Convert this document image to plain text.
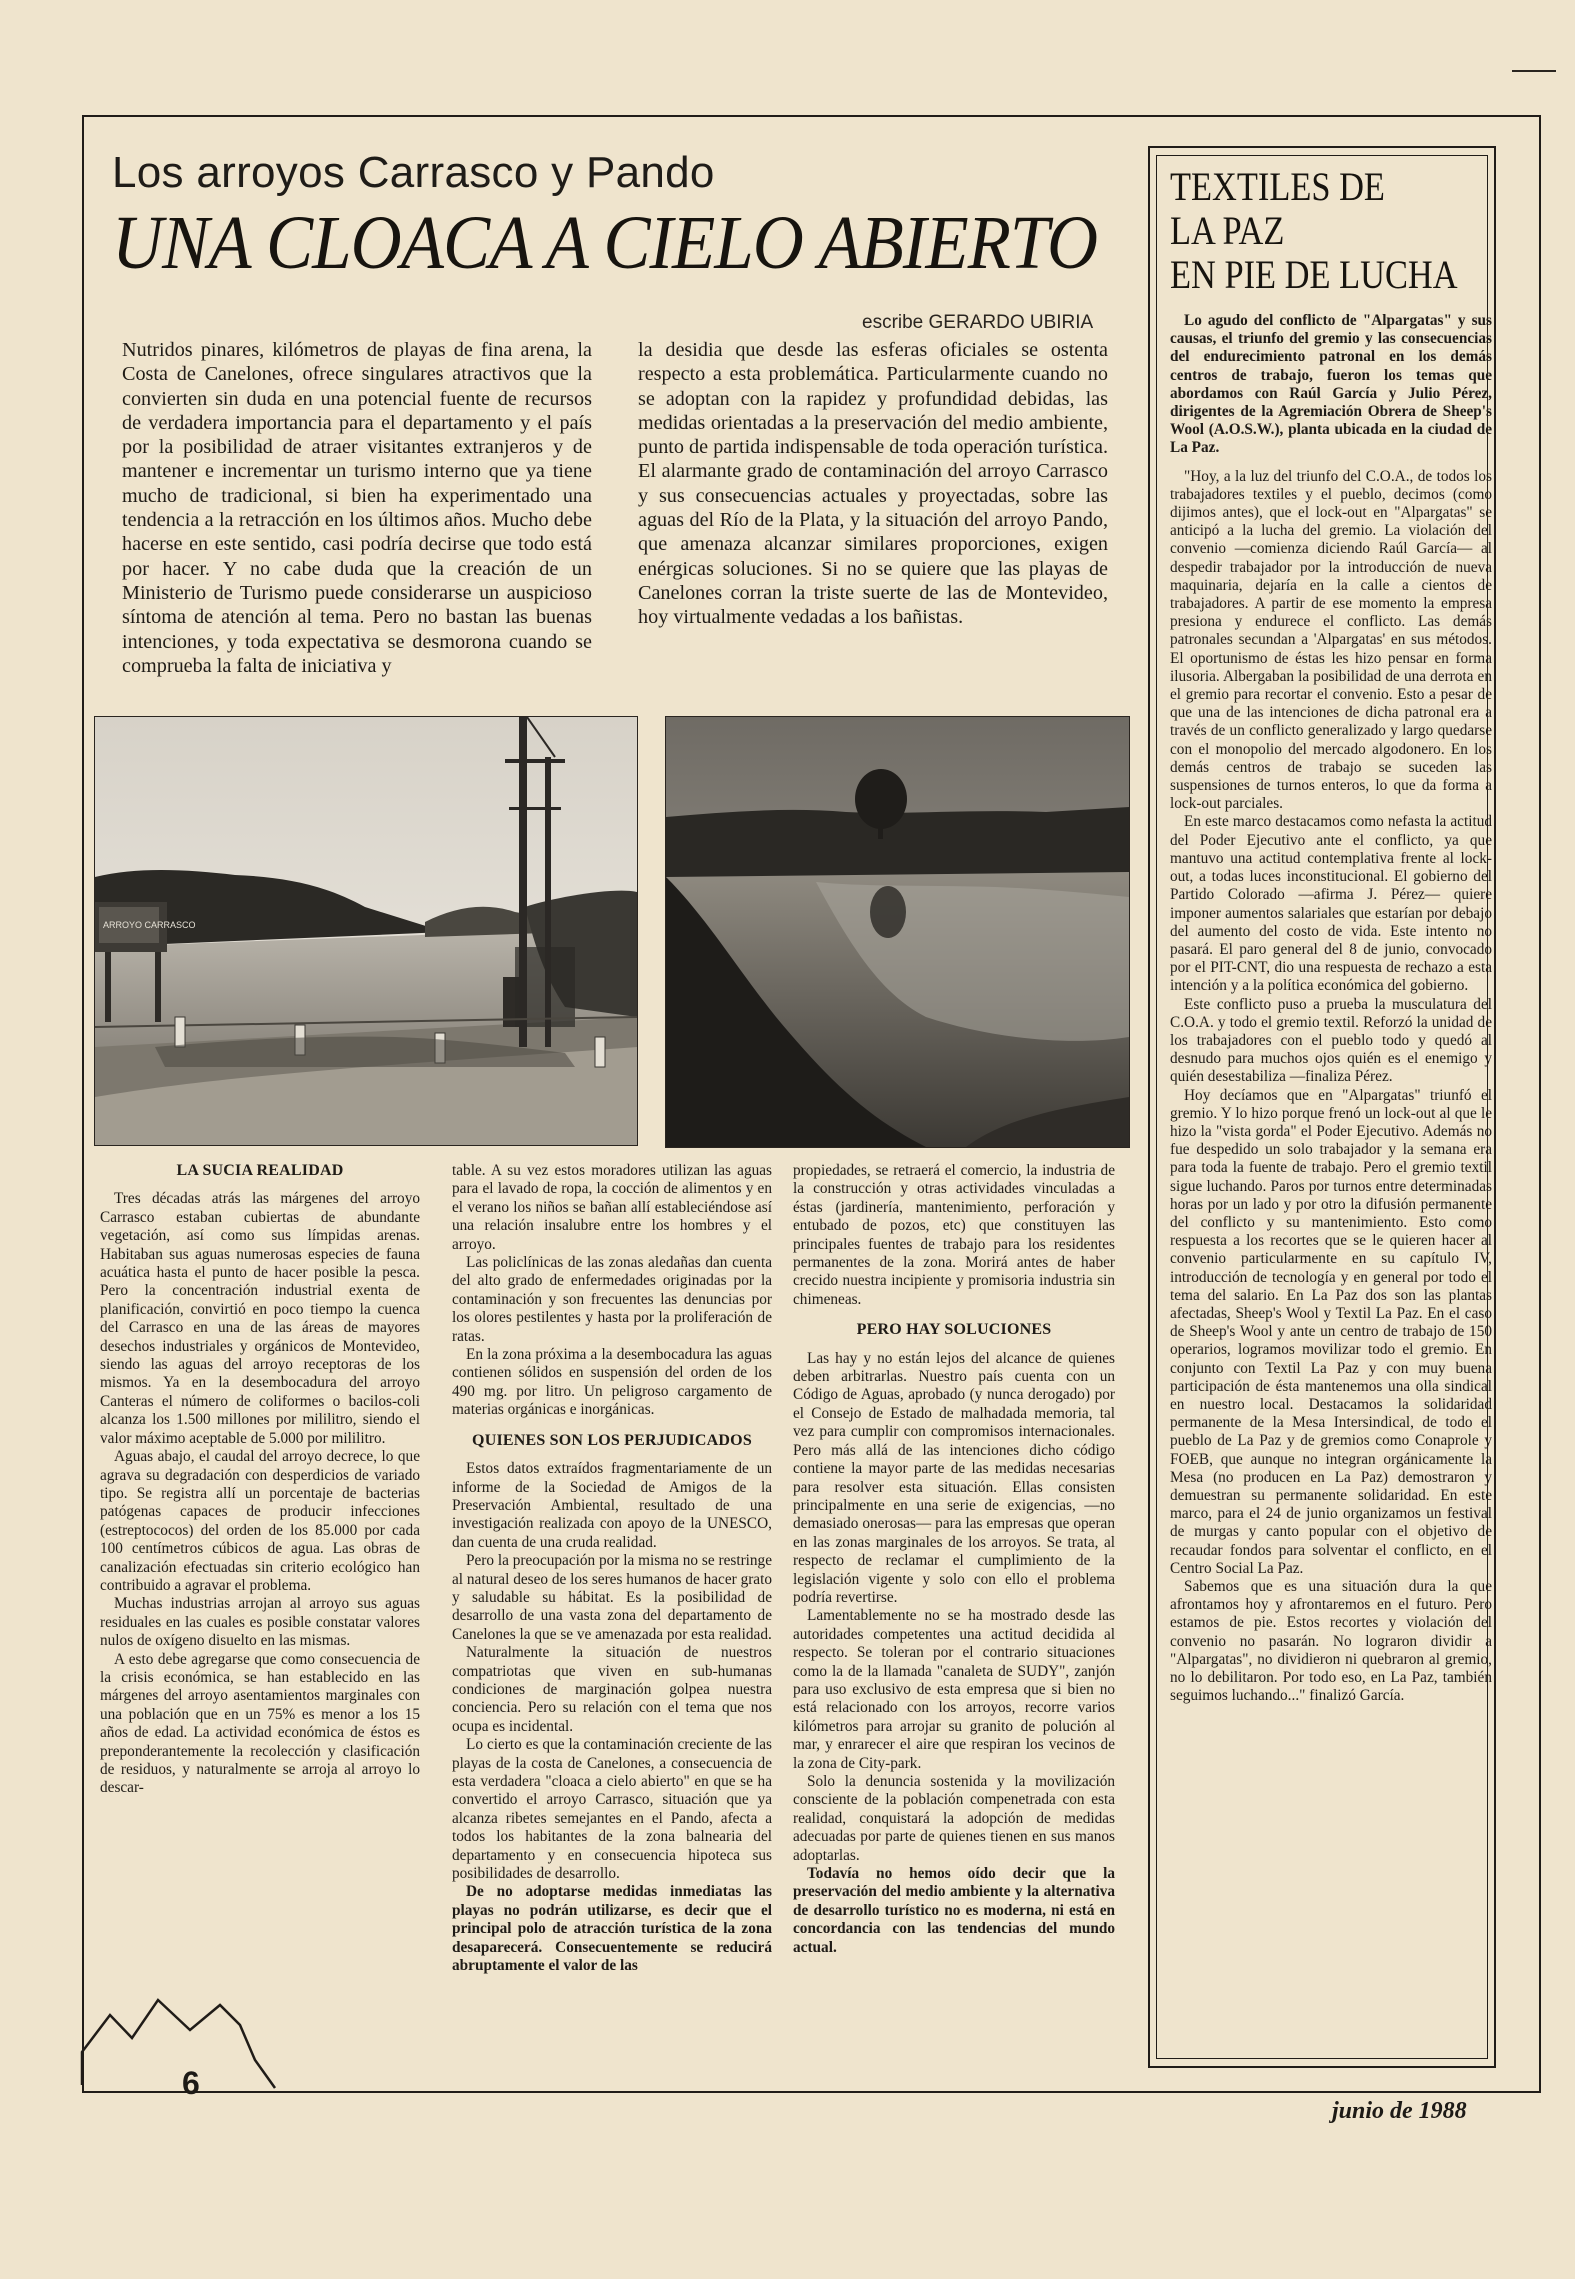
Los arroyos Carrasco y Pando
UNA CLOACA A CIELO ABIERTO
escribe GERARDO UBIRIA

Nutridos pinares, kilómetros de playas de fina arena, la Costa de Canelones, ofrece singulares atractivos que la convierten sin duda en una potencial fuente de recursos de verdadera importancia para el departamento y el país por la posibilidad de atraer visitantes extranjeros y de mantener e incrementar un turismo interno que ya tiene mucho de tradicional, si bien ha experimentado una tendencia a la retracción en los últimos años. Mucho debe hacerse en este sentido, casi podría decirse que todo está por hacer. Y no cabe duda que la creación de un Ministerio de Turismo puede considerarse un auspicioso síntoma de atención al tema. Pero no bastan las buenas intenciones, y toda expectativa se desmorona cuando se comprueba la falta de iniciativa y

la desidia que desde las esferas oficiales se ostenta respecto a esta problemática. Particularmente cuando no se adoptan con la rapidez y profundidad debidas, las medidas orientadas a la preservación del medio ambiente, punto de partida indispensable de toda operación turística. El alarmante grado de contaminación del arroyo Carrasco y sus consecuencias actuales y proyectadas, sobre las aguas del Río de la Plata, y la situación del arroyo Pando, que amenaza alcanzar similares proporciones, exigen enérgicas soluciones. Si no se quiere que las playas de Canelones corran la triste suerte de las de Montevideo, hoy virtualmente vedadas a los bañistas.

ARROYO CARRASCO
LA SUCIA REALIDAD

Tres décadas atrás las márgenes del arroyo Carrasco estaban cubiertas de abundante vegetación, así como sus límpidas arenas. Habitaban sus aguas numerosas especies de fauna acuática hasta el punto de hacer posible la pesca. Pero la concentración industrial exenta de planificación, convirtió en poco tiempo la cuenca del Carrasco en una de las áreas de mayores desechos industriales y orgánicos de Montevideo, siendo las aguas del arroyo receptoras de los mismos. Ya en la desembocadura del arroyo Canteras el número de coliformes o bacilos-coli alcanza los 1.500 millones por mililitro, siendo el valor máximo aceptable de 5.000 por mililitro.

Aguas abajo, el caudal del arroyo decrece, lo que agrava su degradación con desperdicios de variado tipo. Se registra allí un porcentaje de bacterias patógenas capaces de producir infecciones (estreptococos) del orden de los 85.000 por cada 100 centímetros cúbicos de agua. Las obras de canalización efectuadas sin criterio ecológico han contribuido a agravar el problema.

Muchas industrias arrojan al arroyo sus aguas residuales en las cuales es posible constatar valores nulos de oxígeno disuelto en las mismas.

A esto debe agregarse que como consecuencia de la crisis económica, se han establecido en las márgenes del arroyo asentamientos marginales con una población que en un 75% es menor a los 15 años de edad. La actividad económica de éstos es preponderantemente la recolección y clasificación de residuos, y naturalmente se arroja al arroyo lo descar-

table. A su vez estos moradores utilizan las aguas para el lavado de ropa, la cocción de alimentos y en el verano los niños se bañan allí estableciéndose así una relación insalubre entre los hombres y el arroyo.

Las policlínicas de las zonas aledañas dan cuenta del alto grado de enfermedades originadas por la contaminación y son frecuentes las denuncias por los olores pestilentes y hasta por la proliferación de ratas.

En la zona próxima a la desembocadura las aguas contienen sólidos en suspensión del orden de los 490 mg. por litro. Un peligroso cargamento de materias orgánicas e inorgánicas.

QUIENES SON LOS PERJUDICADOS

Estos datos extraídos fragmentariamente de un informe de la Sociedad de Amigos de la Preservación Ambiental, resultado de una investigación realizada con apoyo de la UNESCO, dan cuenta de una cruda realidad.

Pero la preocupación por la misma no se restringe al natural deseo de los seres humanos de hacer grato y saludable su hábitat. Es la posibilidad de desarrollo de una vasta zona del departamento de Canelones la que se ve amenazada por esta realidad.

Naturalmente la situación de nuestros compatriotas que viven en sub-humanas condiciones de marginación golpea nuestra conciencia. Pero su relación con el tema que nos ocupa es incidental.

Lo cierto es que la contaminación creciente de las playas de la costa de Canelones, a consecuencia de esta verdadera "cloaca a cielo abierto" en que se ha convertido el arroyo Carrasco, situación que ya alcanza ribetes semejantes en el Pando, afecta a todos los habitantes de la zona balnearia del departamento y en consecuencia hipoteca sus posibilidades de desarrollo.

De no adoptarse medidas inmediatas las playas no podrán utilizarse, es decir que el principal polo de atracción turística de la zona desaparecerá. Consecuentemente se reducirá abruptamente el valor de las

propiedades, se retraerá el comercio, la industria de la construcción y otras actividades vinculadas a éstas (jardinería, mantenimiento, perforación y entubado de pozos, etc) que constituyen las principales fuentes de trabajo para los residentes permanentes de la zona. Morirá antes de haber crecido nuestra incipiente y promisoria industria sin chimeneas.

PERO HAY SOLUCIONES

Las hay y no están lejos del alcance de quienes deben arbitrarlas. Nuestro país cuenta con un Código de Aguas, aprobado (y nunca derogado) por el Consejo de Estado de malhadada memoria, tal vez para cumplir con compromisos internacionales. Pero más allá de las intenciones dicho código contiene la mayor parte de las medidas necesarias para resolver esta situación. Ellas consisten principalmente en una serie de exigencias, —no demasiado onerosas— para las empresas que operan en las zonas marginales de los arroyos. Se trata, al respecto de reclamar el cumplimiento de la legislación vigente y solo con ello el problema podría revertirse.

Lamentablemente no se ha mostrado desde las autoridades competentes una actitud decidida al respecto. Se toleran por el contrario situaciones como la de la llamada "canaleta de SUDY", zanjón para uso exclusivo de esta empresa que si bien no está relacionado con los arroyos, recorre varios kilómetros para arrojar su granito de polución al mar, y enrarecer el aire que respiran los vecinos de la zona de City-park.

Solo la denuncia sostenida y la movilización consciente de la población compenetrada con esta realidad, conquistará la adopción de medidas adecuadas por parte de quienes tienen en sus manos adoptarlas.

Todavía no hemos oído decir que la preservación del medio ambiente y la alternativa de desarrollo turístico no es moderna, ni está en concordancia con las tendencias del mundo actual.

TEXTILES DE
LA PAZ
EN PIE DE LUCHA

Lo agudo del conflicto de "Alpargatas" y sus causas, el triunfo del gremio y las consecuencias del endurecimiento patronal en los demás centros de trabajo, fueron los temas que abordamos con Raúl García y Julio Pérez, dirigentes de la Agremiación Obrera de Sheep's Wool (A.O.S.W.), planta ubicada en la ciudad de La Paz.

"Hoy, a la luz del triunfo del C.O.A., de todos los trabajadores textiles y el pueblo, decimos (como dijimos antes), que el lock-out en "Alpargatas" se anticipó a la lucha del gremio. La violación del convenio —comienza diciendo Raúl García— al despedir trabajador por la introducción de nueva maquinaria, dejaría en la calle a cientos de trabajadores. A partir de ese momento la empresa presiona y endurece el conflicto. Las demás patronales secundan a 'Alpargatas' en sus métodos. El oportunismo de éstas les hizo pensar en forma ilusoria. Albergaban la posibilidad de una derrota en el gremio para recortar el convenio. Esto a pesar de que una de las intenciones de dicha patronal era a través de un conflicto generalizado y largo quedarse con el monopolio del mercado algodonero. En los demás centros de trabajo se suceden las suspensiones de turnos enteros, lo que da forma a lock-out parciales.

En este marco destacamos como nefasta la actitud del Poder Ejecutivo ante el conflicto, ya que mantuvo una actitud contemplativa frente al lock-out, a todas luces inconstitucional. El gobierno del Partido Colorado —afirma J. Pérez— quiere imponer aumentos salariales que estarían por debajo del aumento del costo de vida. Este intento no pasará. El paro general del 8 de junio, convocado por el PIT-CNT, dio una respuesta de rechazo a esta intención y a la política económica del gobierno.

Este conflicto puso a prueba la musculatura del C.O.A. y todo el gremio textil. Reforzó la unidad de los trabajadores con el pueblo todo y quedó al desnudo para muchos ojos quién es el enemigo y quién desestabiliza —finaliza Pérez.

Hoy decíamos que en "Alpargatas" triunfó el gremio. Y lo hizo porque frenó un lock-out al que le hizo la "vista gorda" el Poder Ejecutivo. Además no fue despedido un solo trabajador y la semana era para toda la fuente de trabajo. Pero el gremio textil sigue luchando. Paros por turnos entre determinadas horas por un lado y por otro la difusión permanente del conflicto y su mantenimiento. Esto como respuesta a los recortes que se le quieren hacer al convenio particularmente en su capítulo IV, introducción de tecnología y en general por todo el tema del salario. En La Paz dos son las plantas afectadas, Sheep's Wool y Textil La Paz. En el caso de Sheep's Wool y ante un centro de trabajo de 150 operarios, logramos movilizar todo el gremio. En conjunto con Textil La Paz y con muy buena participación de ésta mantenemos una olla sindical en nuestro local. Destacamos la solidaridad permanente de la Mesa Intersindical, de todo el pueblo de La Paz y de gremios como Conaprole y FOEB, que aunque no integran orgánicamente la Mesa (no producen en La Paz) demostraron y demuestran su permanente solidaridad. En este marco, para el 24 de junio organizamos un festival de murgas y canto popular con el objetivo de recaudar fondos para solventar el conflicto, en el Centro Social La Paz.

Sabemos que es una situación dura la que afrontamos hoy y afrontaremos en el futuro. Pero estamos de pie. Estos recortes y violación del convenio no pasarán. No lograron dividir a "Alpargatas", no dividieron ni quebraron al gremio, no lo debilitaron. Por todo eso, en La Paz, también seguimos luchando..." finalizó García.

6
junio de 1988
